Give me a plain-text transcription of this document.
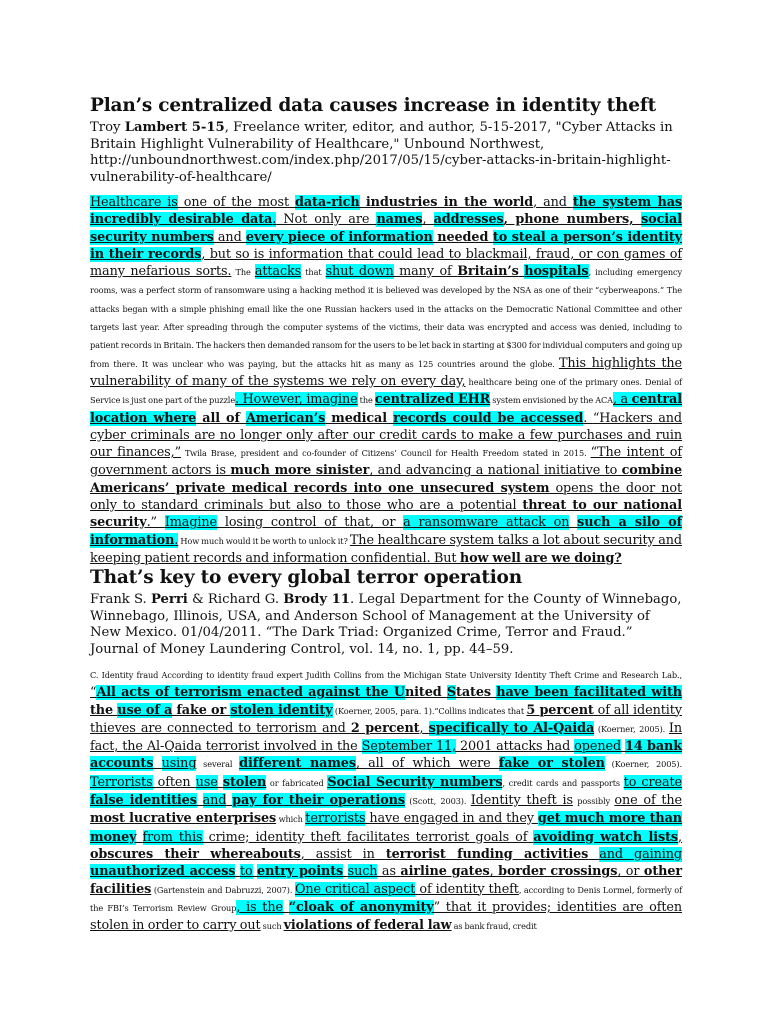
Plan’s centralized data causes increase in identity theft
Troy Lambert 5-15, Freelance writer, editor, and author, 5-15-2017, "Cyber Attacks in Britain Highlight Vulnerability of Healthcare," Unbound Northwest, http://unboundnorthwest.com/index.php/2017/05/15/cyber-attacks-in-britain-highlight-vulnerability-of-healthcare/
Healthcare is one of the most data-rich industries in the world, and the system has incredibly desirable data. Not only are names, addresses, phone numbers, social security numbers and every piece of information needed to steal a person’s identity in their records, but so is information that could lead to blackmail, fraud, or con games of many nefarious sorts. The attacks that shut down many of Britain’s hospitals, including emergency rooms, was a perfect storm of ransomware using a hacking method it is believed was developed by the NSA as one of their “cyberweapons.” The attacks began with a simple phishing email like the one Russian hackers used in the attacks on the Democratic National Committee and other targets last year. After spreading through the computer systems of the victims, their data was encrypted and access was denied, including to patient records in Britain. The hackers then demanded ransom for the users to be let back in starting at $300 for individual computers and going up from there. It was unclear who was paying, but the attacks hit as many as 125 countries around the globe. This highlights the vulnerability of many of the systems we rely on every day, healthcare being one of the primary ones. Denial of Service is just one part of the puzzle. However, imagine the centralized EHR system envisioned by the ACA, a central location where all of American’s medical records could be accessed. “Hackers and cyber criminals are no longer only after our credit cards to make a few purchases and ruin our finances,” Twila Brase, president and co-founder of Citizens’ Council for Health Freedom stated in 2015. “The intent of government actors is much more sinister, and advancing a national initiative to combine Americans’ private medical records into one unsecured system opens the door not only to standard criminals but also to those who are a potential threat to our national security.” Imagine losing control of that, or a ransomware attack on such a silo of information. How much would it be worth to unlock it? The healthcare system talks a lot about security and keeping patient records and information confidential. But how well are we doing?
That’s key to every global terror operation
Frank S. Perri & Richard G. Brody 11. Legal Department for the County of Winnebago, Winnebago, Illinois, USA, and Anderson School of Management at the University of New Mexico. 01/04/2011. “The Dark Triad: Organized Crime, Terror and Fraud.” Journal of Money Laundering Control, vol. 14, no. 1, pp. 44–59.
C. Identity fraud According to identity fraud expert Judith Collins from the Michigan State University Identity Theft Crime and Research Lab., “All acts of terrorism enacted against the United States have been facilitated with the use of a fake or stolen identity (Koerner, 2005, para. 1).”Collins indicates that 5 percent of all identity thieves are connected to terrorism and 2 percent, specifically to Al-Qaida (Koerner, 2005). In fact, the Al-Qaida terrorist involved in the September 11, 2001 attacks had opened 14 bank accounts using several different names, all of which were fake or stolen (Koerner, 2005). Terrorists often use stolen or fabricated Social Security numbers, credit cards and passports to create false identities and pay for their operations (Scott, 2003). Identity theft is possibly one of the most lucrative enterprises which terrorists have engaged in and they get much more than money from this crime; identity theft facilitates terrorist goals of avoiding watch lists, obscures their whereabouts, assist in terrorist funding activities and gaining unauthorized access to entry points such as airline gates, border crossings, or other facilities (Gartenstein and Dabruzzi, 2007). One critical aspect of identity theft, according to Denis Lormel, formerly of the FBI’s Terrorism Review Group, is the “cloak of anonymity” that it provides; identities are often stolen in order to carry out such violations of federal law as bank fraud, credit
